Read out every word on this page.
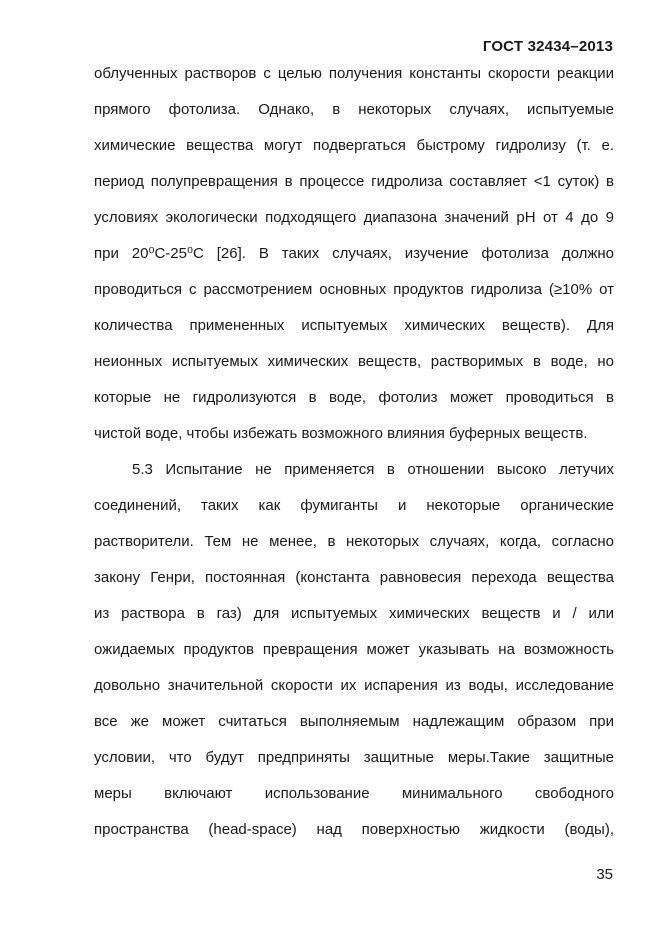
ГОСТ 32434–2013
облученных растворов с целью получения константы скорости реакции
прямого фотолиза. Однако, в некоторых случаях, испытуемые
химические вещества могут подвергаться быстрому гидролизу (т. е.
период полупревращения в процессе гидролиза составляет <1 суток) в
условиях экологически подходящего диапазона значений pH от 4 до 9
при 20⁰С-25⁰С [26]. В таких случаях, изучение фотолиза должно
проводиться с рассмотрением основных продуктов гидролиза (≥10% от
количества примененных испытуемых химических веществ). Для
неионных испытуемых химических веществ, растворимых в воде, но
которые не гидролизуются в воде, фотолиз может проводиться в
чистой воде, чтобы избежать возможного влияния буферных веществ.
5.3 Испытание не применяется в отношении высоко летучих
соединений, таких как фумиганты и некоторые органические
растворители. Тем не менее, в некоторых случаях, когда, согласно
закону Генри, постоянная (константа равновесия перехода вещества
из раствора в газ) для испытуемых химических веществ и / или
ожидаемых продуктов превращения может указывать на возможность
довольно значительной скорости их испарения из воды, исследование
все же может считаться выполняемым надлежащим образом при
условии, что будут предприняты защитные меры.Такие защитные
меры включают использование минимального свободного
пространства (head-space) над поверхностью жидкости (воды),
35
